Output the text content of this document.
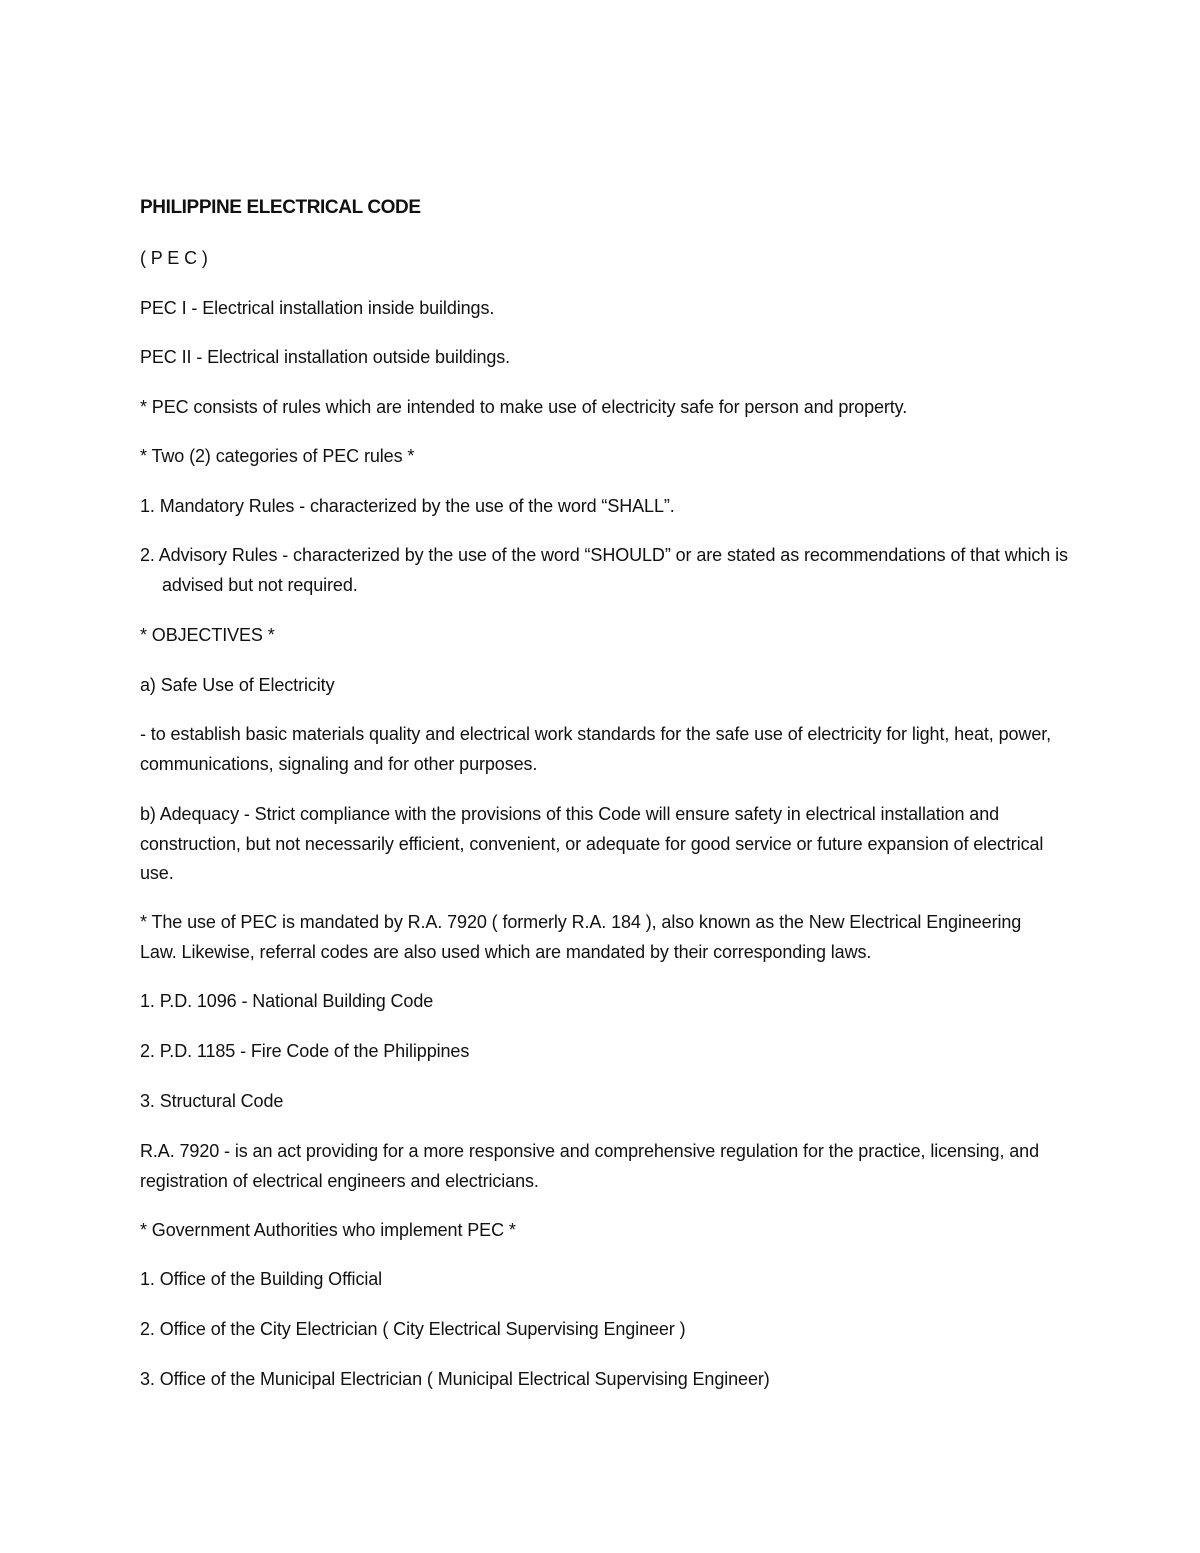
PHILIPPINE ELECTRICAL CODE

( P E C )

PEC I - Electrical installation inside buildings.

PEC II - Electrical installation outside buildings.

* PEC consists of rules which are intended to make use of electricity safe for person and property.

* Two (2) categories of PEC rules *

1. Mandatory Rules - characterized by the use of the word “SHALL”.

2. Advisory Rules - characterized by the use of the word “SHOULD” or are stated as recommendations of that which is advised but not required.

* OBJECTIVES *

a) Safe Use of Electricity

- to establish basic materials quality and electrical work standards for the safe use of electricity for light, heat, power, communications, signaling and for other purposes.

b) Adequacy - Strict compliance with the provisions of this Code will ensure safety in electrical installation and construction, but not necessarily efficient, convenient, or adequate for good service or future expansion of electrical use.

* The use of PEC is mandated by R.A. 7920 ( formerly R.A. 184 ), also known as the New Electrical Engineering Law. Likewise, referral codes are also used which are mandated by their corresponding laws.

1. P.D. 1096 - National Building Code

2. P.D. 1185 - Fire Code of the Philippines

3. Structural Code

R.A. 7920 - is an act providing for a more responsive and comprehensive regulation for the practice, licensing, and registration of electrical engineers and electricians.

* Government Authorities who implement PEC *

1. Office of the Building Official

2. Office of the City Electrician ( City Electrical Supervising Engineer )

3. Office of the Municipal Electrician ( Municipal Electrical Supervising Engineer)
